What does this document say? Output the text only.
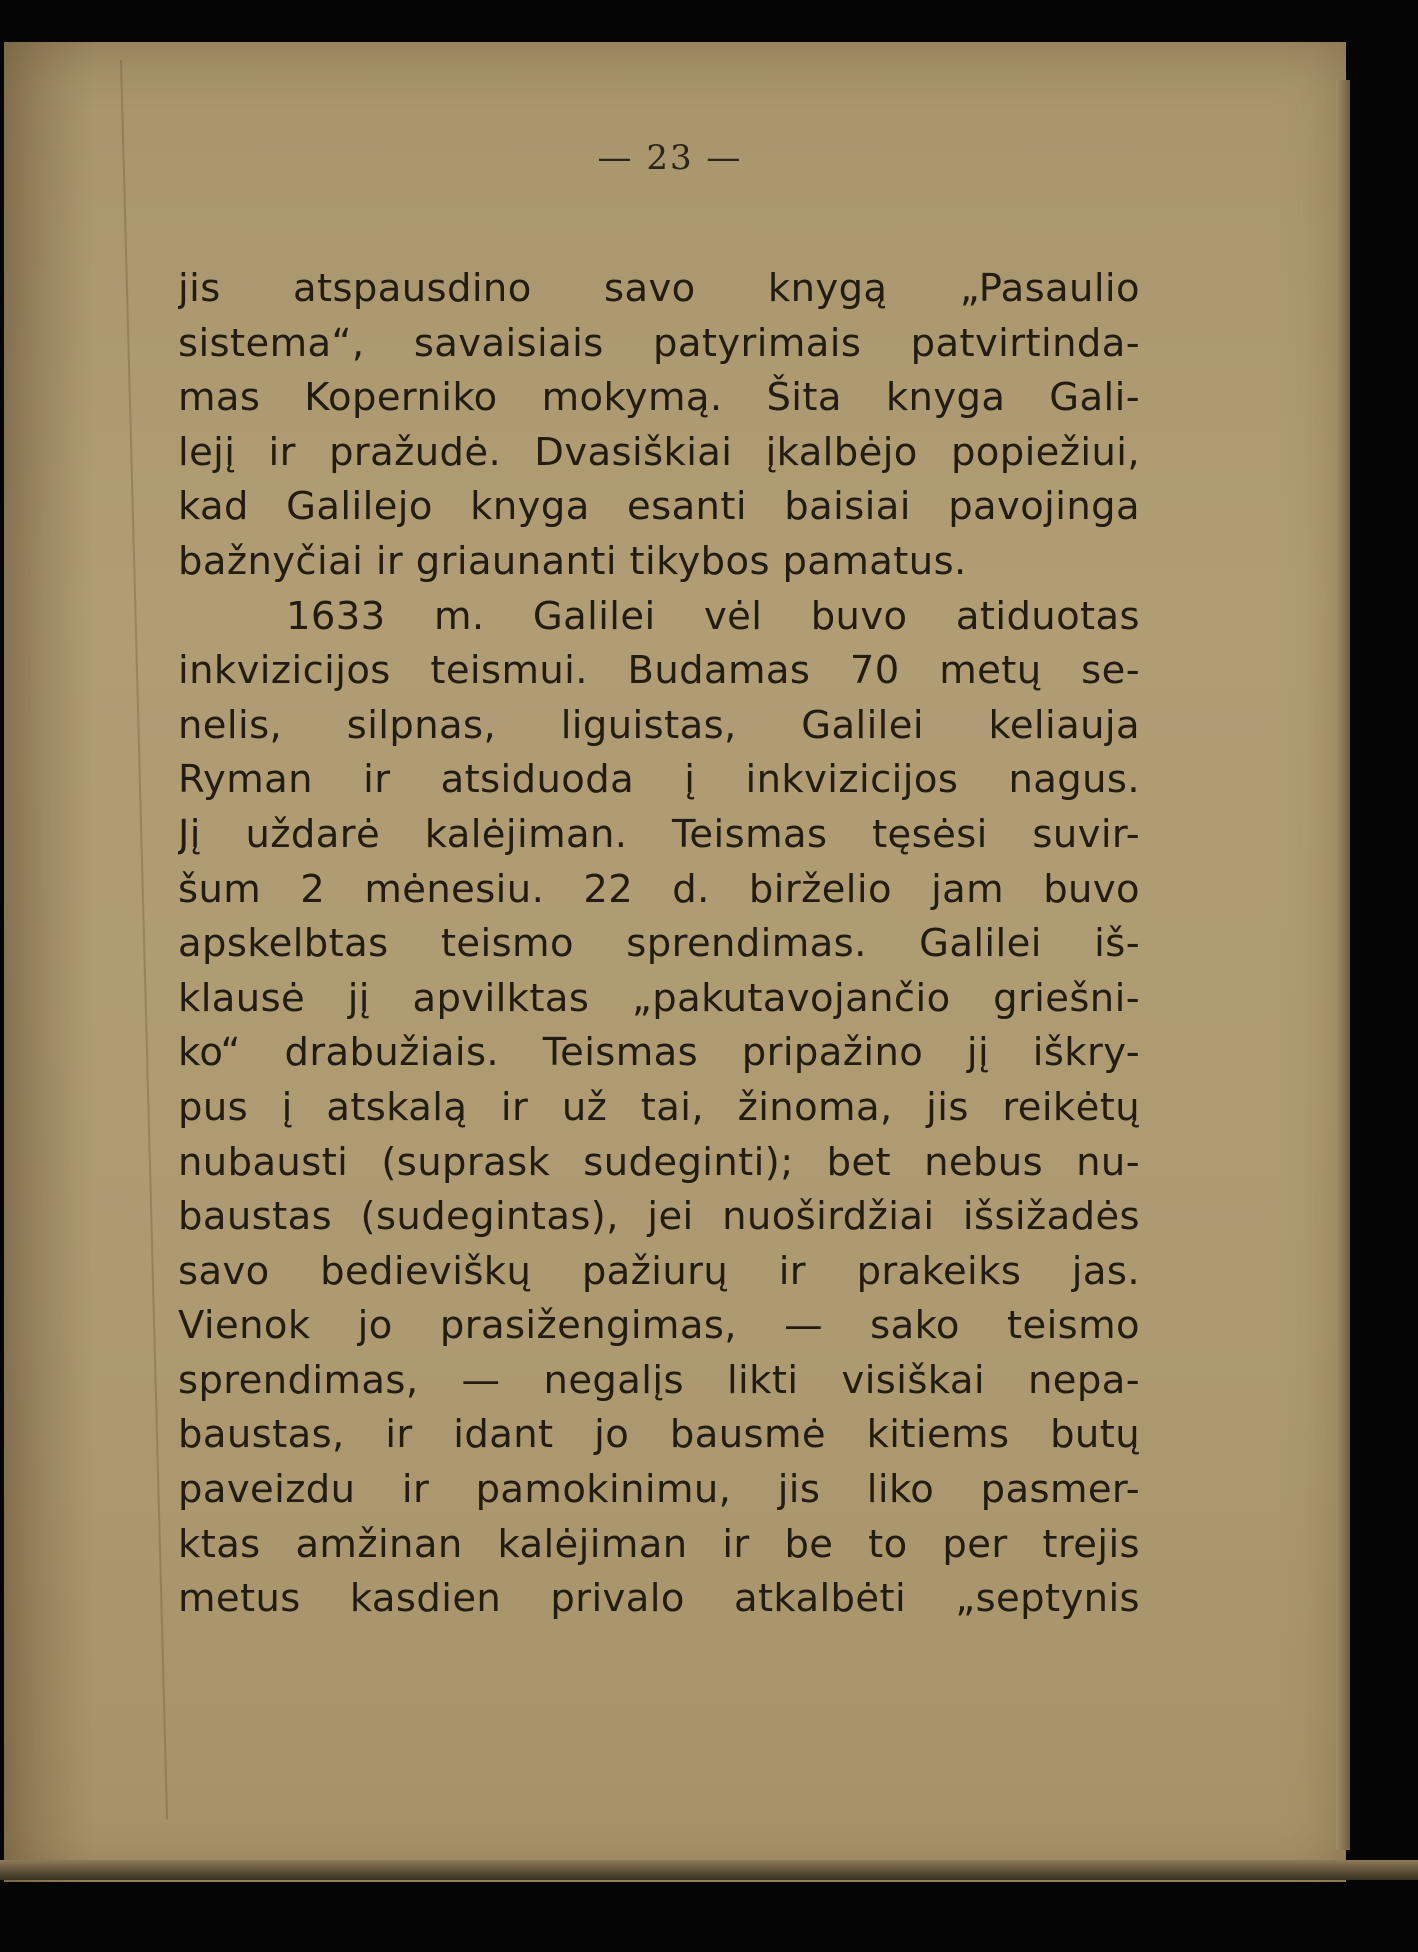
— 23 —
jis atspausdino savo knygą „Pasaulio
sistema“, savaisiais patyrimais patvirtinda-
mas Koperniko mokymą. Šita knyga Gali-
lejį ir pražudė. Dvasiškiai įkalbėjo popiežiui,
kad Galilejo knyga esanti baisiai pavojinga
bažnyčiai ir griaunanti tikybos pamatus.
1633 m. Galilei vėl buvo atiduotas
inkvizicijos teismui. Budamas 70 metų se-
nelis, silpnas, liguistas, Galilei keliauja
Ryman ir atsiduoda į inkvizicijos nagus.
Jį uždarė kalėjiman. Teismas tęsėsi suvir-
šum 2 mėnesiu. 22 d. birželio jam buvo
apskelbtas teismo sprendimas. Galilei iš-
klausė jį apvilktas „pakutavojančio griešni-
ko“ drabužiais. Teismas pripažino jį iškry-
pus į atskalą ir už tai, žinoma, jis reikėtų
nubausti (suprask sudeginti); bet nebus nu-
baustas (sudegintas), jei nuoširdžiai išsižadės
savo bedieviškų pažiurų ir prakeiks jas.
Vienok jo prasižengimas, — sako teismo
sprendimas, — negalįs likti visiškai nepa-
baustas, ir idant jo bausmė kitiems butų
paveizdu ir pamokinimu, jis liko pasmer-
ktas amžinan kalėjiman ir be to per trejis
metus kasdien privalo atkalbėti „septynis
